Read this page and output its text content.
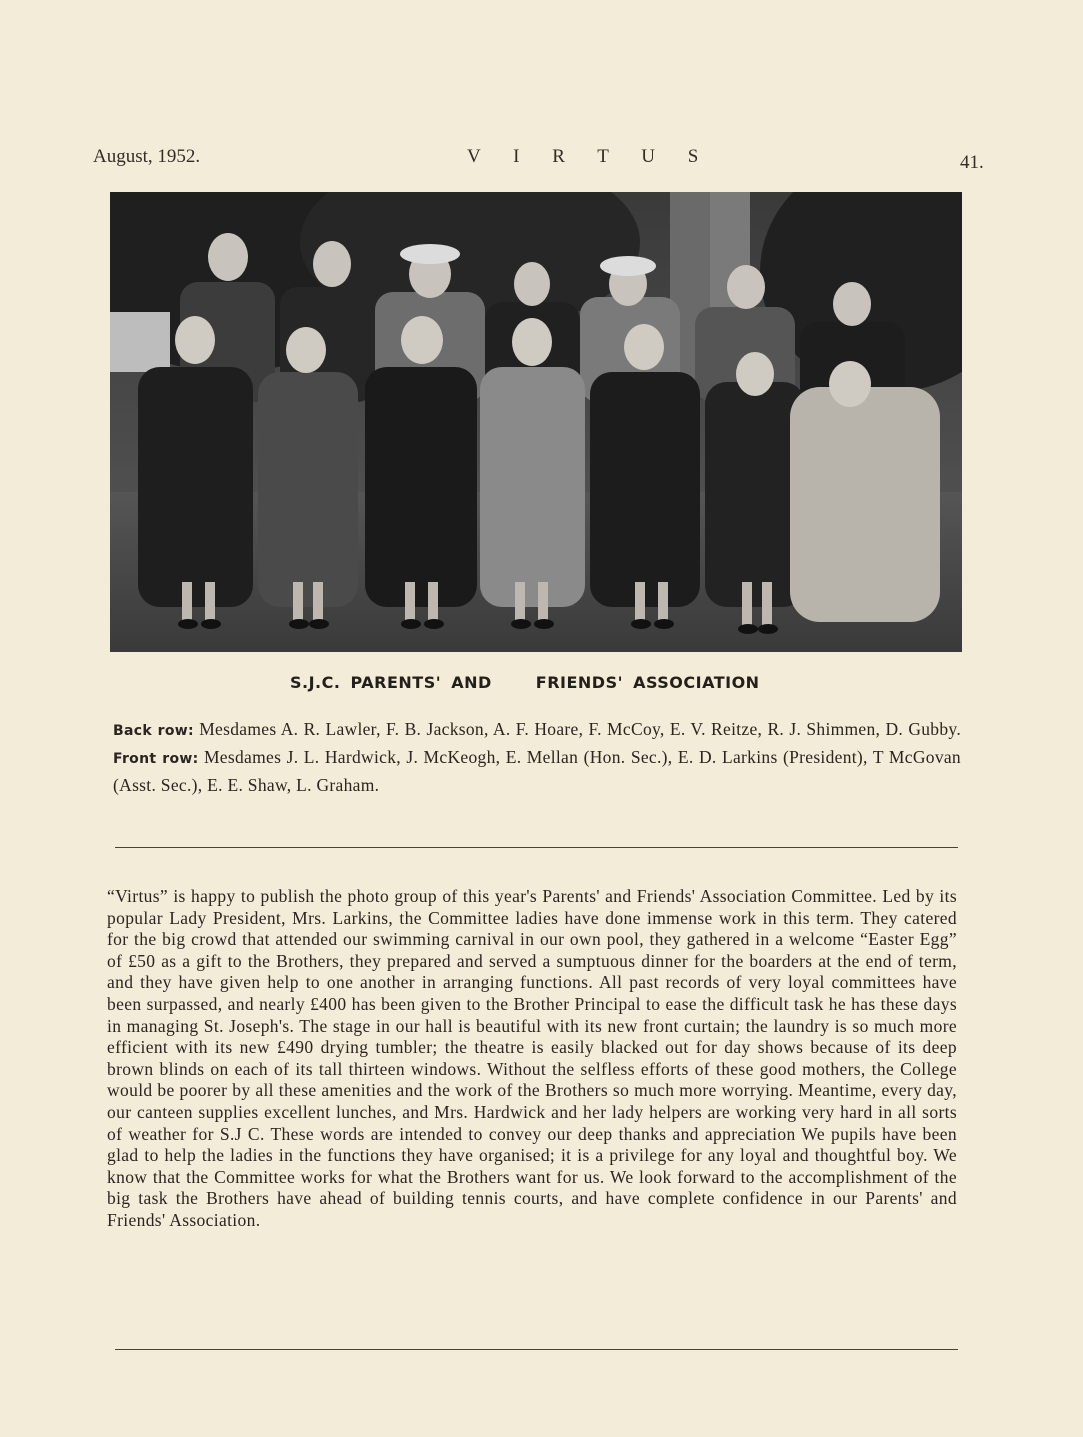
August, 1952.	V I R T U S	41.
S.J.C. PARENTS' AND	FRIENDS' ASSOCIATION
Back row: Mesdames A. R. Lawler, F. B. Jackson, A. F. Hoare, F. McCoy, E. V. Reitze, R. J. Shimmen, D. Gubby. Front row: Mesdames J. L. Hardwick, J. McKeogh, E. Mellan (Hon. Sec.), E. D. Larkins (President), T McGovan (Asst. Sec.), E. E. Shaw, L. Graham.
“Virtus” is happy to publish the photo group of this year's Parents' and Friends' Association Committee. Led by its popular Lady President, Mrs. Larkins, the Committee ladies have done immense work in this term. They catered for the big crowd that attended our swimming carnival in our own pool, they gathered in a welcome “Easter Egg” of £50 as a gift to the Brothers, they prepared and served a sumptuous dinner for the boarders at the end of term, and they have given help to one another in arranging functions. All past records of very loyal committees have been surpassed, and nearly £400 has been given to the Brother Principal to ease the difficult task he has these days in managing St. Joseph's. The stage in our hall is beautiful with its new front curtain; the laundry is so much more efficient with its new £490 drying tumbler; the theatre is easily blacked out for day shows because of its deep brown blinds on each of its tall thirteen windows. Without the selfless efforts of these good mothers, the College would be poorer by all these amenities and the work of the Brothers so much more worrying. Meantime, every day, our canteen supplies excellent lunches, and Mrs. Hardwick and her lady helpers are working very hard in all sorts of weather for S.J C. These words are intended to convey our deep thanks and appreciation We pupils have been glad to help the ladies in the functions they have organised; it is a privilege for any loyal and thoughtful boy. We know that the Committee works for what the Brothers want for us. We look forward to the accomplishment of the big task the Brothers have ahead of building tennis courts, and have complete confidence in our Parents' and Friends' Association.
